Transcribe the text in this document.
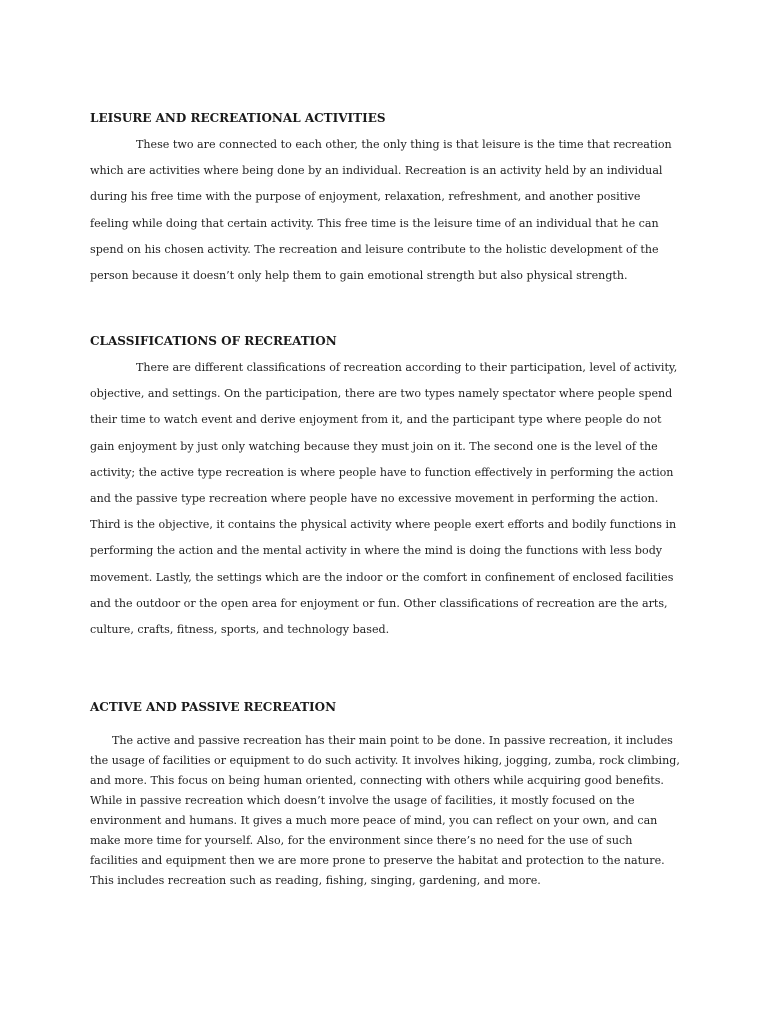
LEISURE AND RECREATIONAL ACTIVITIES
These two are connected to each other, the only thing is that leisure is the time that recreation which are activities where being done by an individual. Recreation is an activity held by an individual during his free time with the purpose of enjoyment, relaxation, refreshment, and another positive feeling while doing that certain activity. This free time is the leisure time of an individual that he can spend on his chosen activity. The recreation and leisure contribute to the holistic development of the person because it doesn’t only help them to gain emotional strength but also physical strength.
CLASSIFICATIONS OF RECREATION
There are different classifications of recreation according to their participation, level of activity, objective, and settings. On the participation, there are two types namely spectator where people spend their time to watch event and derive enjoyment from it, and the participant type where people do not gain enjoyment by just only watching because they must join on it. The second one is the level of the activity; the active type recreation is where people have to function effectively in performing the action and the passive type recreation where people have no excessive movement in performing the action. Third is the objective, it contains the physical activity where people exert efforts and bodily functions in performing the action and the mental activity in where the mind is doing the functions with less body movement. Lastly, the settings which are the indoor or the comfort in confinement of enclosed facilities and the outdoor or the open area for enjoyment or fun. Other classifications of recreation are the arts, culture, crafts, fitness, sports, and technology based.
ACTIVE AND PASSIVE RECREATION
The active and passive recreation has their main point to be done. In passive recreation, it includes the usage of facilities or equipment to do such activity. It involves hiking, jogging, zumba, rock climbing, and more. This focus on being human oriented, connecting with others while acquiring good benefits. While in passive recreation which doesn’t involve the usage of facilities, it mostly focused on the environment and humans. It gives a much more peace of mind, you can reflect on your own, and can make more time for yourself. Also, for the environment since there’s no need for the use of such facilities and equipment then we are more prone to preserve the habitat and protection to the nature. This includes recreation such as reading, fishing, singing, gardening, and more.
